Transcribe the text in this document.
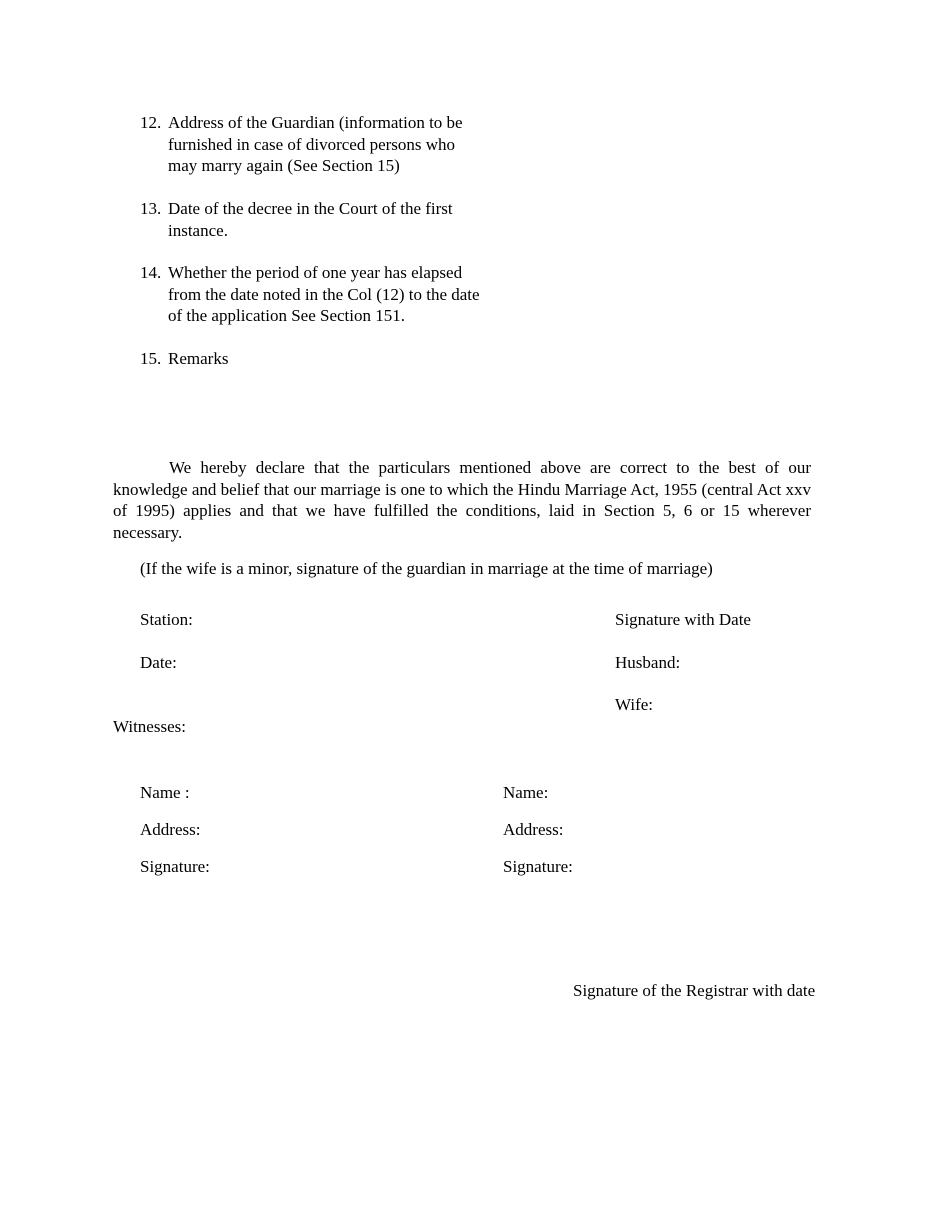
12. Address of the Guardian (information to be
furnished in case of divorced persons who
may marry again (See Section 15)
13. Date of the decree in the Court of the first
instance.
14. Whether the period of one year has elapsed
from the date noted in the Col (12) to the date
of the application See Section 151.
15. Remarks

We hereby declare that the particulars mentioned above are correct to the best of our knowledge and belief that our marriage is one to which the Hindu Marriage Act, 1955 (central Act xxv of 1995) applies and that we have fulfilled the conditions, laid in Section 5, 6 or 15 wherever necessary.

(If the wife is a minor, signature of the guardian in marriage at the time of marriage)
Station:
Date:
Signature with Date
Husband:
Wife:
Witnesses:
Name :
Address:
Signature:
Name:
Address:
Signature:
Signature of the Registrar with date
